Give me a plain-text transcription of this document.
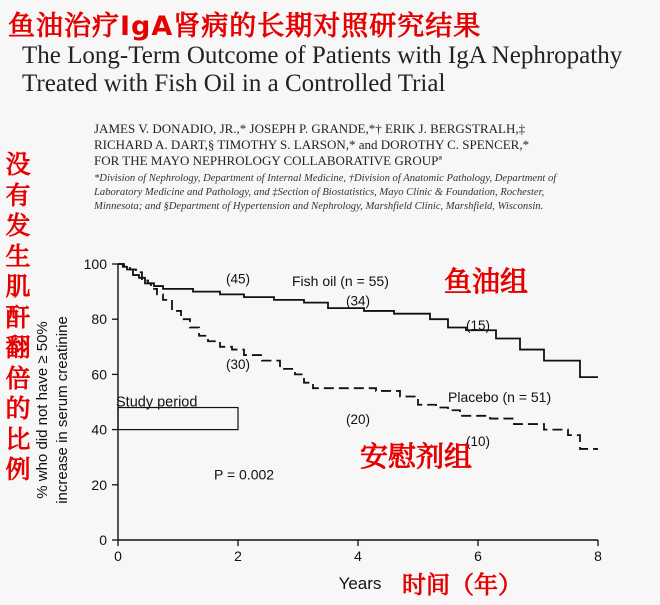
鱼油治疗IgA肾病的长期对照研究结果
The Long-Term Outcome of Patients with IgA Nephropathy
Treated with Fish Oil in a Controlled Trial
JAMES V. DONADIO, JR.,* JOSEPH P. GRANDE,*† ERIK J. BERGSTRALH,‡
RICHARD A. DART,§ TIMOTHY S. LARSON,* and DOROTHY C. SPENCER,*
FOR THE MAYO NEPHROLOGY COLLABORATIVE GROUPª
*Division of Nephrology, Department of Internal Medicine, †Division of Anatomic Pathology, Department of
Laboratory Medicine and Pathology, and ‡Section of Biostatistics, Mayo Clinic & Foundation, Rochester,
Minnesota; and §Department of Hypertension and Nephrology, Marshfield Clinic, Marshfield, Wisconsin.
没
有
发
生
肌
酐
翻
倍
的
比
例
0
20
40
60
80
100
0	2	4	6	8
Years
% who did not have ≥ 50% increase in serum creatinine
Fish oil (n = 55)
Placebo (n = 51)
(45)
(34)
(15)
(30)
(20)
(10)
Study period
P = 0.002
鱼油组
安慰剂组
时间（年）
